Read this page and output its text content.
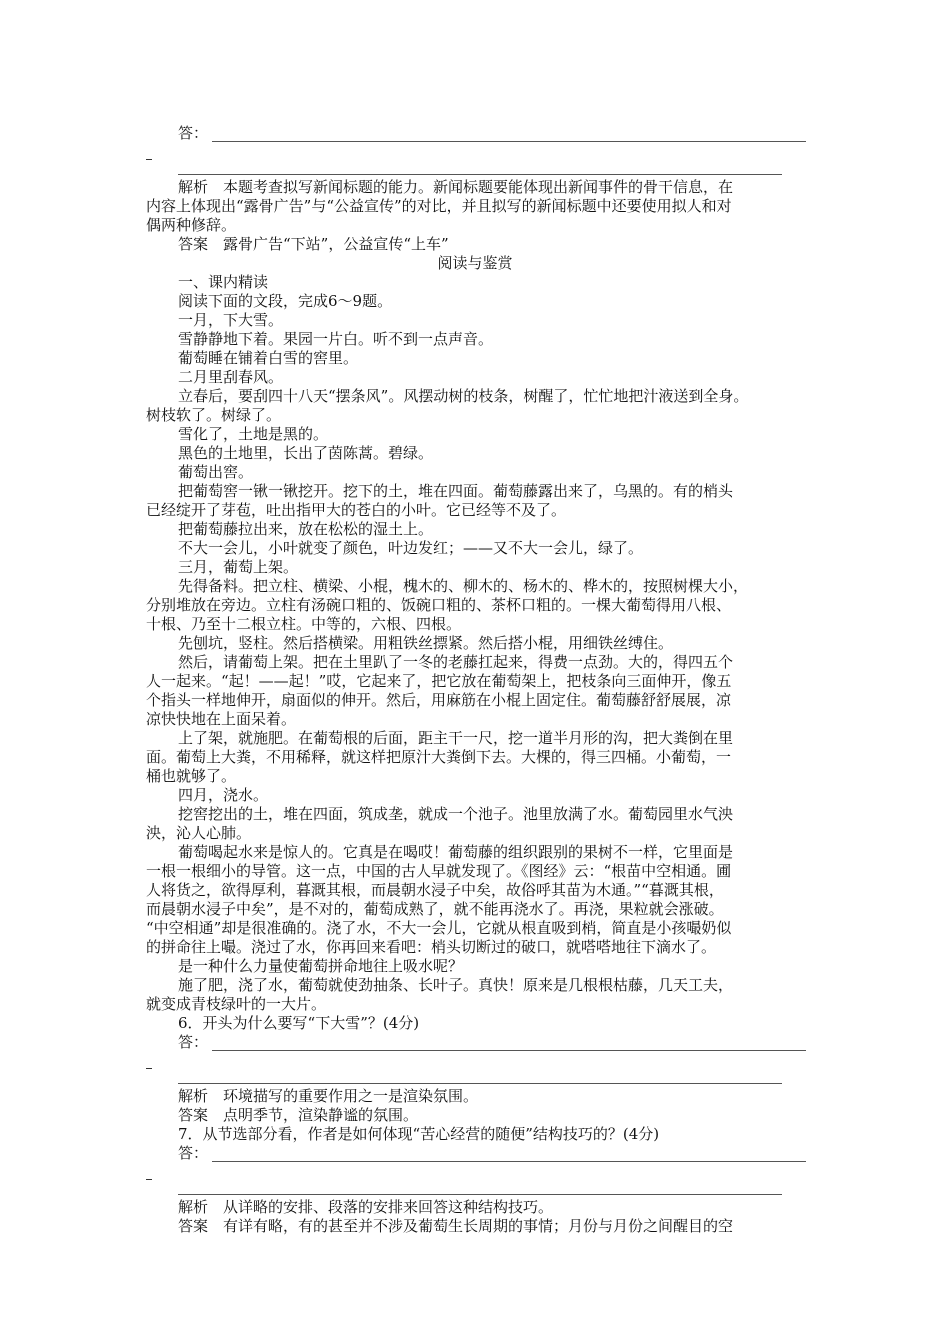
答：
解析　本题考查拟写新闻标题的能力。新闻标题要能体现出新闻事件的骨干信息，在
内容上体现出“露骨广告”与“公益宣传”的对比，并且拟写的新闻标题中还要使用拟人和对
偶两种修辞。
答案　露骨广告“下站”，公益宣传“上车”
阅读与鉴赏
一、课内精读
阅读下面的文段，完成6～9题。
一月，下大雪。
雪静静地下着。果园一片白。听不到一点声音。
葡萄睡在铺着白雪的窖里。
二月里刮春风。
立春后，要刮四十八天“摆条风”。风摆动树的枝条，树醒了，忙忙地把汁液送到全身。
树枝软了。树绿了。
雪化了，土地是黑的。
黑色的土地里，长出了茵陈蒿。碧绿。
葡萄出窖。
把葡萄窖一锹一锹挖开。挖下的土，堆在四面。葡萄藤露出来了，乌黑的。有的梢头
已经绽开了芽苞，吐出指甲大的苍白的小叶。它已经等不及了。
把葡萄藤拉出来，放在松松的湿土上。
不大一会儿，小叶就变了颜色，叶边发红；——又不大一会儿，绿了。
三月，葡萄上架。
先得备料。把立柱、横梁、小棍，槐木的、柳木的、杨木的、桦木的，按照树棵大小，
分别堆放在旁边。立柱有汤碗口粗的、饭碗口粗的、茶杯口粗的。一棵大葡萄得用八根、
十根、乃至十二根立柱。中等的，六根、四根。
先刨坑，竖柱。然后搭横梁。用粗铁丝摽紧。然后搭小棍，用细铁丝缚住。
然后，请葡萄上架。把在土里趴了一冬的老藤扛起来，得费一点劲。大的，得四五个
人一起来。“起！——起！”哎，它起来了，把它放在葡萄架上，把枝条向三面伸开，像五
个指头一样地伸开，扇面似的伸开。然后，用麻筋在小棍上固定住。葡萄藤舒舒展展，凉
凉快快地在上面呆着。
上了架，就施肥。在葡萄根的后面，距主干一尺，挖一道半月形的沟，把大粪倒在里
面。葡萄上大粪，不用稀释，就这样把原汁大粪倒下去。大棵的，得三四桶。小葡萄，一
桶也就够了。
四月，浇水。
挖窖挖出的土，堆在四面，筑成垄，就成一个池子。池里放满了水。葡萄园里水气泱
泱，沁人心肺。
葡萄喝起水来是惊人的。它真是在喝哎！葡萄藤的组织跟别的果树不一样，它里面是
一根一根细小的导管。这一点，中国的古人早就发现了。《图经》云：“根苗中空相通。圃
人将货之，欲得厚利，暮溉其根，而晨朝水浸子中矣，故俗呼其苗为木通。”“暮溉其根，
而晨朝水浸子中矣”，是不对的，葡萄成熟了，就不能再浇水了。再浇，果粒就会涨破。
“中空相通”却是很准确的。浇了水，不大一会儿，它就从根直吸到梢，简直是小孩嘬奶似
的拼命往上嘬。浇过了水，你再回来看吧：梢头切断过的破口，就嗒嗒地往下滴水了。
是一种什么力量使葡萄拼命地往上吸水呢？
施了肥，浇了水，葡萄就使劲抽条、长叶子。真快！原来是几根根枯藤，几天工夫，
就变成青枝绿叶的一大片。
6．开头为什么要写“下大雪”？(4分)
答：
解析　环境描写的重要作用之一是渲染氛围。
答案　点明季节，渲染静谧的氛围。
7．从节选部分看，作者是如何体现“苦心经营的随便”结构技巧的？(4分)
答：
解析　从详略的安排、段落的安排来回答这种结构技巧。
答案　有详有略，有的甚至并不涉及葡萄生长周期的事情；月份与月份之间醒目的空
